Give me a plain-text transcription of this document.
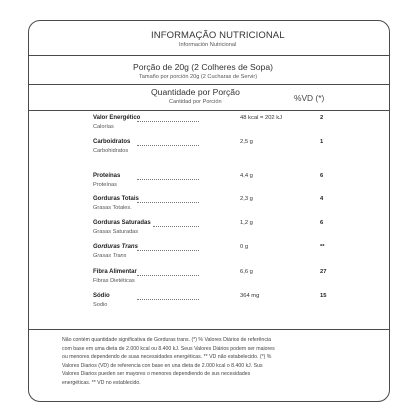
INFORMAÇÃO NUTRICIONAL
Información Nutricional
Porção de 20g (2 Colheres de Sopa)
Tamaño por porción 20g (2 Cucharas de Servir)
Quantidade por Porção
Cantidad por Porción	%VD (*)
Valor Energético	48 kcal = 202 kJ	2
Calorías
Carboidratos	2,5 g	1
Carbohidratos
Proteínas	4,4 g	6
Proteínas
Gorduras Totais	2,3 g	4
Grasas Totales.
Gorduras Saturadas	1,2 g	6
Grasas Saturadas
Gorduras Trans	0 g	**
Grasas Trans
Fibra Alimentar	6,6 g	27
Fibras Dietéticas
Sódio	364 mg	15
Sodio
Não contém quantidade significativa de Gorduras trans. (*) % Valores Diários de referência
com base em uma dieta de 2.000 kcal ou 8.400 kJ. Seus Valores Diários podem ser maiores
ou menores dependendo de suas necessidades energéticas. ** VD não estabelecido. (*) %
Valores Diarios (VD) de referencia con base en una dieta de 2.000 kcal o 8.400 kJ. Sus
Valores Diarios pueden ser mayores o menores dependiendo de sus necesidades
energéticas. ** VD no establecido.
